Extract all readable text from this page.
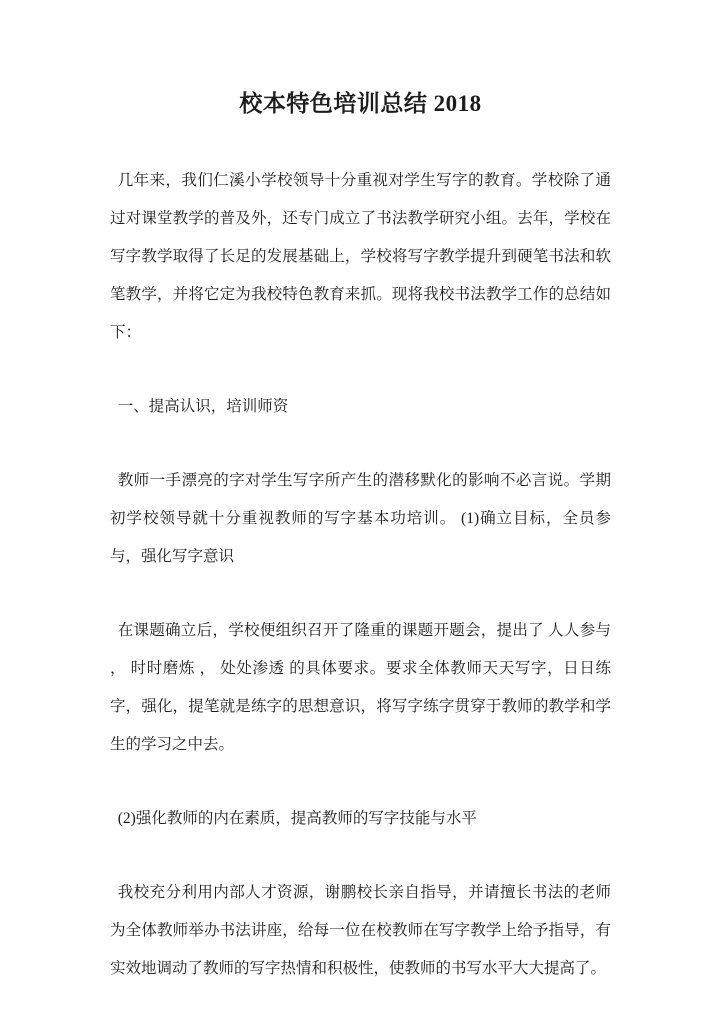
校本特色培训总结 2018

几年来，我们仁溪小学校领导十分重视对学生写字的教育。学校除了通过对课堂教学的普及外，还专门成立了书法教学研究小组。去年，学校在写字教学取得了长足的发展基础上，学校将写字教学提升到硬笔书法和软笔教学，并将它定为我校特色教育来抓。现将我校书法教学工作的总结如下：

一、提高认识，培训师资

教师一手漂亮的字对学生写字所产生的潜移默化的影响不必言说。学期初学校领导就十分重视教师的写字基本功培训。 (1)确立目标，全员参与，强化写字意识

在课题确立后，学校便组织召开了隆重的课题开题会，提出了 人人参与 ， 时时磨炼 ， 处处渗透 的具体要求。要求全体教师天天写字，日日练字，强化，提笔就是练字的思想意识，将写字练字贯穿于教师的教学和学生的学习之中去。

(2)强化教师的内在素质，提高教师的写字技能与水平

我校充分利用内部人才资源，谢鹏校长亲自指导，并请擅长书法的老师为全体教师举办书法讲座，给每一位在校教师在写字教学上给予指导，有实效地调动了教师的写字热情和积极性，使教师的书写水平大大提高了。
